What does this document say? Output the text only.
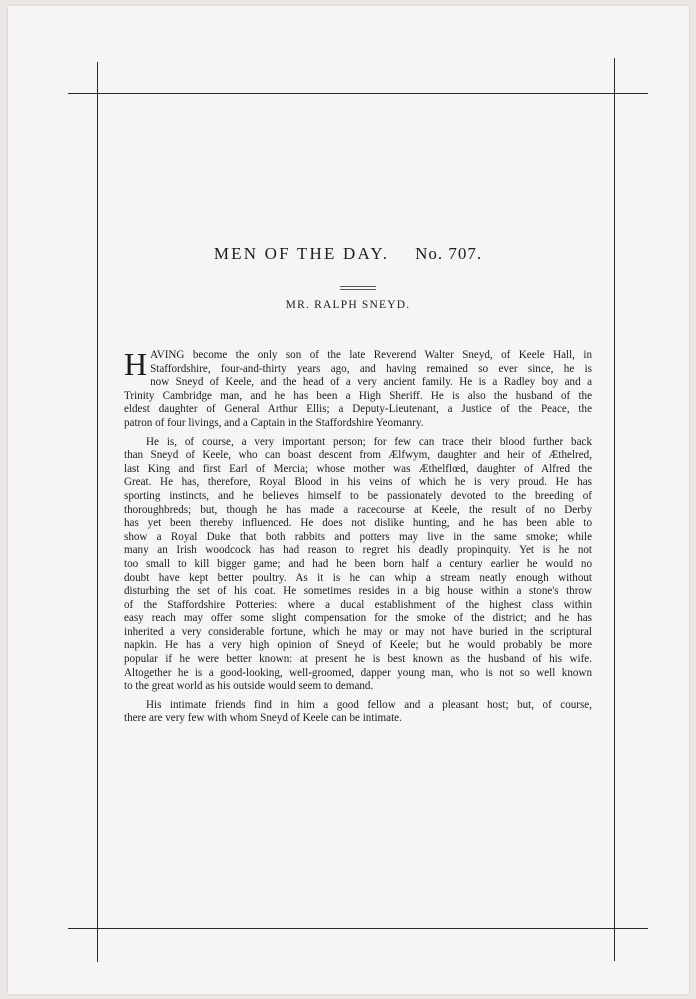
MEN OF THE DAY. No. 707.
MR. RALPH SNEYD.

H AVING become the only son of the late Reverend Walter Sneyd, of Keele Hall, in
Staffordshire, four-and-thirty years ago, and having remained so ever since, he is
now Sneyd of Keele, and the head of a very ancient family. He is a Radley boy and a
Trinity Cambridge man, and he has been a High Sheriff. He is also the husband of the
eldest daughter of General Arthur Ellis; a Deputy-Lieutenant, a Justice of the Peace, the
patron of four livings, and a Captain in the Staffordshire Yeomanry.

He is, of course, a very important person; for few can trace their blood further back
than Sneyd of Keele, who can boast descent from Ælfwym, daughter and heir of Æthelred,
last King and first Earl of Mercia; whose mother was Æthelflœd, daughter of Alfred the
Great. He has, therefore, Royal Blood in his veins of which he is very proud. He has
sporting instincts, and he believes himself to be passionately devoted to the breeding of
thoroughbreds; but, though he has made a racecourse at Keele, the result of no Derby
has yet been thereby influenced. He does not dislike hunting, and he has been able to
show a Royal Duke that both rabbits and potters may live in the same smoke; while
many an Irish woodcock has had reason to regret his deadly propinquity. Yet is he not
too small to kill bigger game; and had he been born half a century earlier he would no
doubt have kept better poultry. As it is he can whip a stream neatly enough without
disturbing the set of his coat. He sometimes resides in a big house within a stone's throw
of the Staffordshire Potteries: where a ducal establishment of the highest class within
easy reach may offer some slight compensation for the smoke of the district; and he has
inherited a very considerable fortune, which he may or may not have buried in the scriptural
napkin. He has a very high opinion of Sneyd of Keele; but he would probably be more
popular if he were better known: at present he is best known as the husband of his wife.
Altogether he is a good-looking, well-groomed, dapper young man, who is not so well known
to the great world as his outside would seem to demand.

His intimate friends find in him a good fellow and a pleasant host; but, of course,
there are very few with whom Sneyd of Keele can be intimate.
